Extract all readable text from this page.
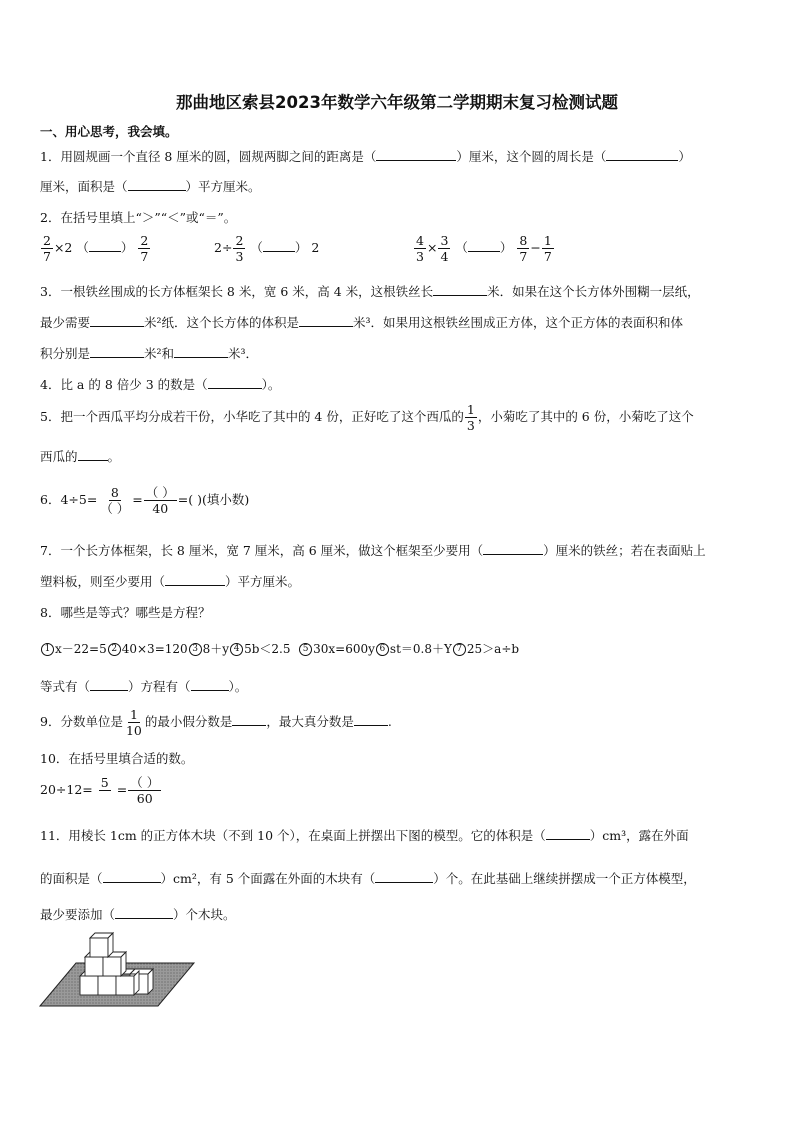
那曲地区索县2023年数学六年级第二学期期末复习检测试题
一、用心思考，我会填。
1．用圆规画一个直径 8 厘米的圆，圆规两脚之间的距离是（	）厘米，这个圆的周长是（	）
厘米，面积是（	）平方厘米。
2．在括号里填上“＞”“＜”或“＝”。
$\frac{2}{7} \times 2$ （	） $\frac{2}{7}$	$2\div \frac{2}{3}$ （	） 2	$\frac{4}{3} \times \frac{3}{4}$ （	） $\frac{8}{7} - \frac{1}{7}$
3．一根铁丝围成的长方体框架长 8 米，宽 6 米，高 4 米，这根铁丝长	米．如果在这个长方体外围糊一层纸，
最少需要	米²纸．这个长方体的体积是	米³．如果用这根铁丝围成正方体，这个正方体的表面积和体
积分别是	米²和	米³．
4．比 a 的 8 倍少 3 的数是（	）。
5．把一个西瓜平均分成若干份，小华吃了其中的 4 份，正好吃了这个西瓜的 $\frac{1}{3}$ ，小菊吃了其中的 6 份，小菊吃了这个
西瓜的 。
6．$4\div 5= \frac{8}{( )} = \frac{( )}{40}$ =( )(填小数)
7．一个长方体框架，长 8 厘米，宽 7 厘米，高 6 厘米，做这个框架至少要用（	）厘米的铁丝；若在表面贴上
塑料板，则至少要用（	）平方厘米。
8．哪些是等式？哪些是方程？
1 x－22=5 2 40×3=120 3 8＋y 4 5b＜2.5 5 30x=600y 6 st＝0.8＋Y 7 25＞a÷b
等式有（	）方程有（	）。
9．分数单位是 $\frac{1}{10}$ 的最小假分数是	，最大真分数是	.
10．在括号里填合适的数。
$20\div 12= 5 = \frac{( )}{60}$
11．用棱长 1cm 的正方体木块（不到 10 个），在桌面上拼摆出下图的模型。它的体积是（	）cm³，露在外面
的面积是（	）cm²，有 5 个面露在外面的木块有（	）个。在此基础上继续拼摆成一个正方体模型，
最少要添加（	）个木块。
